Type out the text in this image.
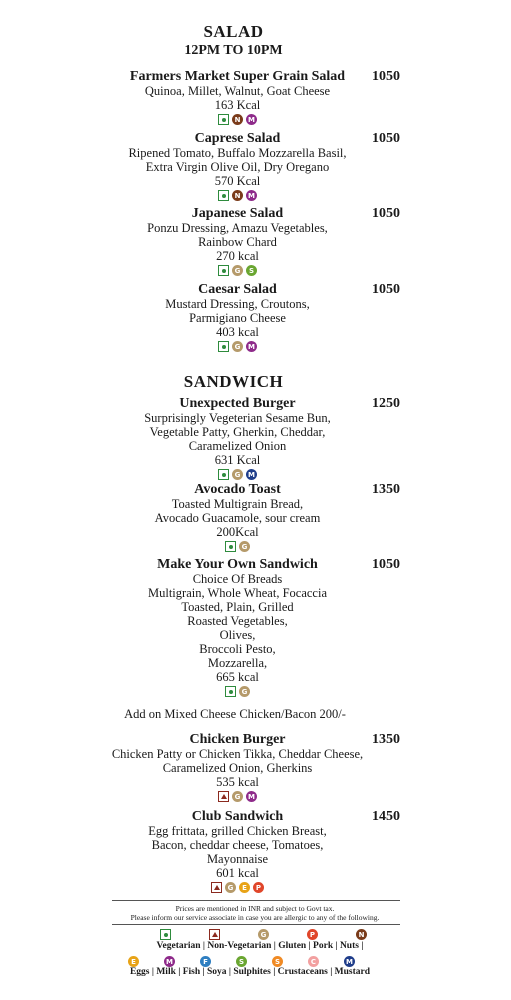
SALAD
12PM TO 10PM
Farmers Market Super Grain Salad
Quinoa, Millet, Walnut, Goat Cheese
163 Kcal
N	M
1050
Caprese Salad
Ripened Tomato, Buffalo Mozzarella Basil,
Extra Virgin Olive Oil, Dry Oregano
570 Kcal
N	M
1050
Japanese Salad
Ponzu Dressing, Amazu Vegetables,
Rainbow Chard
270 kcal
G	S
1050
Caesar Salad
Mustard Dressing, Croutons,
Parmigiano Cheese
403 kcal
G	M
1050
SANDWICH
Unexpected Burger
Surprisingly Vegeterian Sesame Bun,
Vegetable Patty, Gherkin, Cheddar,
Caramelized Onion
631 Kcal
G	M
1250
Avocado Toast
Toasted Multigrain Bread,
Avocado Guacamole, sour cream
200Kcal
G
1350
Make Your Own Sandwich
Choice Of Breads
Multigrain, Whole Wheat, Focaccia
Toasted, Plain, Grilled
Roasted Vegetables,
Olives,
Broccoli Pesto,
Mozzarella,
665 kcal
G
1050
Chicken Burger
Chicken Patty or Chicken Tikka, Cheddar Cheese,
Caramelized Onion, Gherkins
535 kcal
G	M
1350
Club Sandwich
Egg frittata, grilled Chicken Breast,
Bacon, cheddar cheese, Tomatoes,
Mayonnaise
601 kcal
G	E	P
1450
Add on Mixed Cheese Chicken/Bacon 200/-
Prices are mentioned in INR and subject to Govt tax.
Please inform our service associate in case you are allergic to any of the following.
G	P	N
Vegetarian | Non-Vegetarian | Gluten | Pork | Nuts |
E	M	F	S	S	C	M
Eggs | Milk | Fish | Soya | Sulphites | Crustaceans | Mustard
